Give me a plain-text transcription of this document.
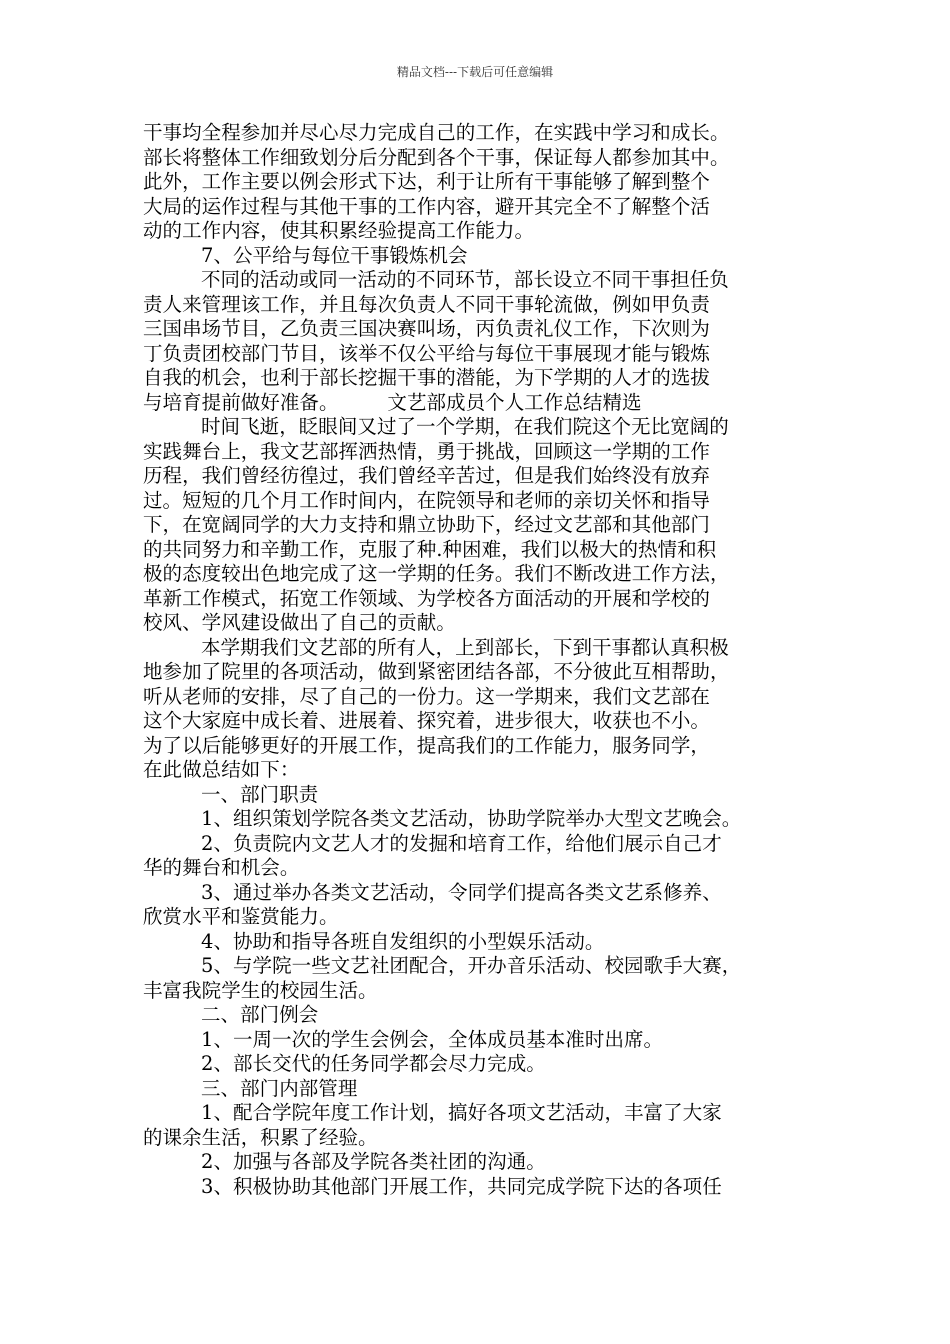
精品文档---下载后可任意编辑
干事均全程参加并尽心尽力完成自己的工作，在实践中学习和成长。
部长将整体工作细致划分后分配到各个干事，保证每人都参加其中。
此外，工作主要以例会形式下达，利于让所有干事能够了解到整个
大局的运作过程与其他干事的工作内容，避开其完全不了解整个活
动的工作内容，使其积累经验提高工作能力。
7、公平给与每位干事锻炼机会
不同的活动或同一活动的不同环节，部长设立不同干事担任负
责人来管理该工作，并且每次负责人不同干事轮流做，例如甲负责
三国串场节目，乙负责三国决赛叫场，丙负责礼仪工作，下次则为
丁负责团校部门节目，该举不仅公平给与每位干事展现才能与锻炼
自我的机会，也利于部长挖掘干事的潜能，为下学期的人才的选拔
与培育提前做好准备。　　　文艺部成员个人工作总结精选
时间飞逝，眨眼间又过了一个学期，在我们院这个无比宽阔的
实践舞台上，我文艺部挥洒热情，勇于挑战，回顾这一学期的工作
历程，我们曾经彷徨过，我们曾经辛苦过，但是我们始终没有放弃
过。短短的几个月工作时间内，在院领导和老师的亲切关怀和指导
下，在宽阔同学的大力支持和鼎立协助下，经过文艺部和其他部门
的共同努力和辛勤工作，克服了种.种困难，我们以极大的热情和积
极的态度较出色地完成了这一学期的任务。我们不断改进工作方法，
革新工作模式，拓宽工作领域、为学校各方面活动的开展和学校的
校风、学风建设做出了自己的贡献。
本学期我们文艺部的所有人，上到部长，下到干事都认真积极
地参加了院里的各项活动，做到紧密团结各部，不分彼此互相帮助，
听从老师的安排，尽了自己的一份力。这一学期来，我们文艺部在
这个大家庭中成长着、进展着、探究着，进步很大，收获也不小。
为了以后能够更好的开展工作，提高我们的工作能力，服务同学，
在此做总结如下：
一、部门职责
1、组织策划学院各类文艺活动，协助学院举办大型文艺晚会。
2、负责院内文艺人才的发掘和培育工作，给他们展示自己才
华的舞台和机会。
3、通过举办各类文艺活动，令同学们提高各类文艺系修养、
欣赏水平和鉴赏能力。
4、协助和指导各班自发组织的小型娱乐活动。
5、与学院一些文艺社团配合，开办音乐活动、校园歌手大赛，
丰富我院学生的校园生活。
二、部门例会
1、一周一次的学生会例会，全体成员基本准时出席。
2、部长交代的任务同学都会尽力完成。
三、部门内部管理
1、配合学院年度工作计划，搞好各项文艺活动，丰富了大家
的课余生活，积累了经验。
2、加强与各部及学院各类社团的沟通。
3、积极协助其他部门开展工作，共同完成学院下达的各项任
